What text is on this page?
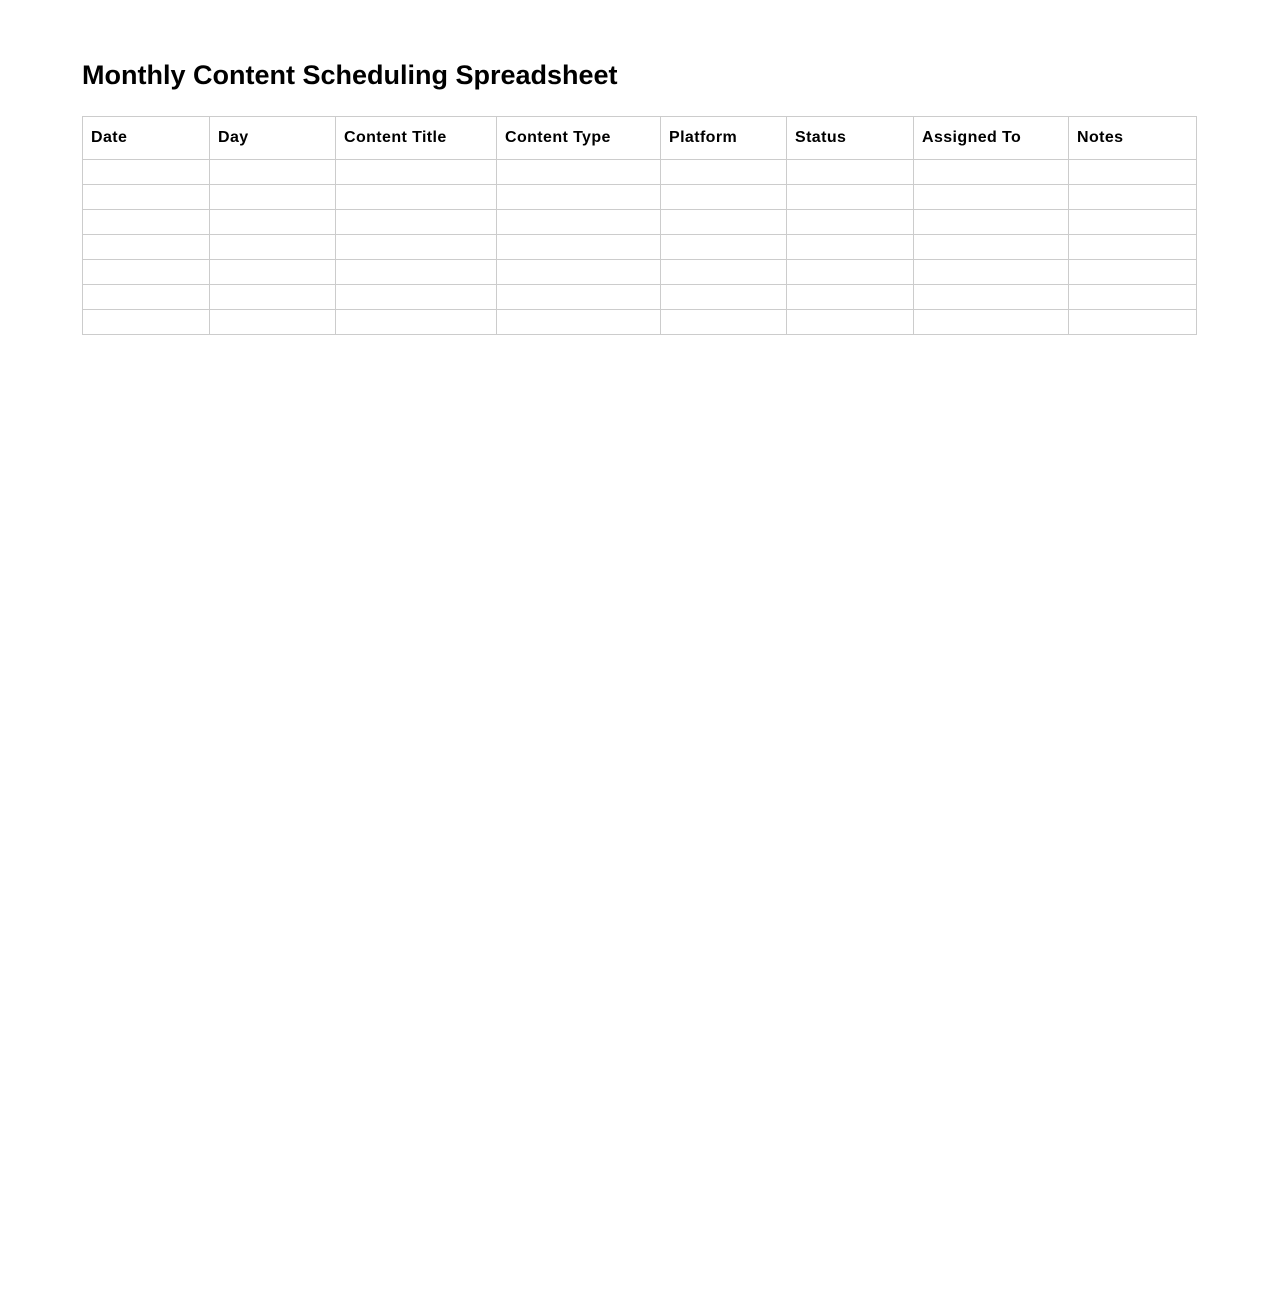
Monthly Content Scheduling Spreadsheet
Date	Day	Content Title	Content Type	Platform	Status	Assigned To	Notes
